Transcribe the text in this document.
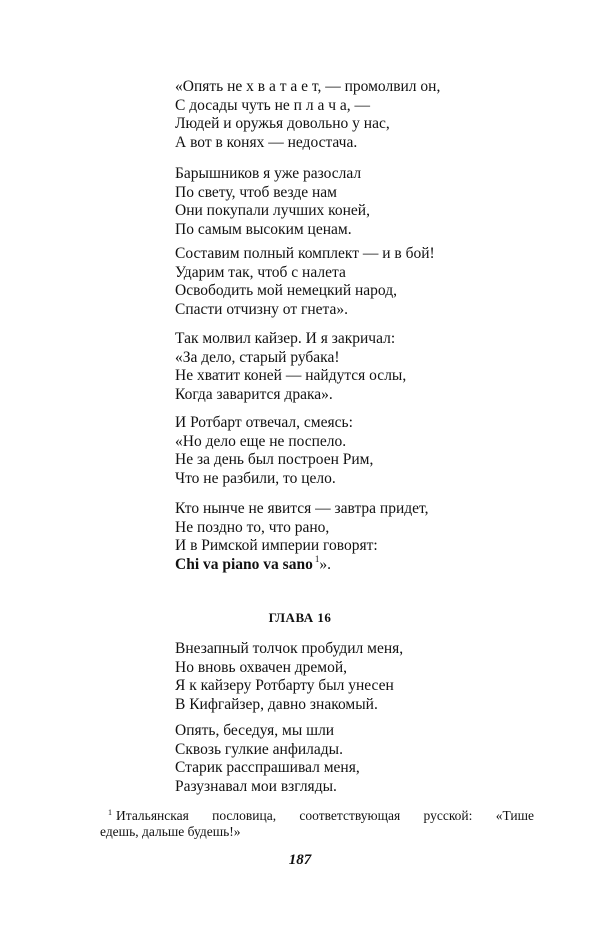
«Опять не х в а т а е т, — промолвил он,
С досады чуть не п л а ч а, —
Людей и оружья довольно у нас,
А вот в конях — недостача.
Барышников я уже разослал
По свету, чтоб везде нам
Они покупали лучших коней,
По самым высоким ценам.
Составим полный комплект — и в бой!
Ударим так, чтоб с налета
Освободить мой немецкий народ,
Спасти отчизну от гнета».
Так молвил кайзер. И я закричал:
«За дело, старый рубака!
Не хватит коней — найдутся ослы,
Когда заварится драка».
И Ротбарт отвечал, смеясь:
«Но дело еще не поспело.
Не за день был построен Рим,
Что не разбили, то цело.
Кто нынче не явится — завтра придет,
Не поздно то, что рано,
И в Римской империи говорят:
Chi va piano va sano $^1$».
ГЛАВА 16
Внезапный толчок пробудил меня,
Но вновь охвачен дремой,
Я к кайзеру Ротбарту был унесен
В Кифгайзер, давно знакомый.
Опять, беседуя, мы шли
Сквозь гулкие анфилады.
Старик расспрашивал меня,
Разузнавал мои взгляды.
$^1$ Итальянская пословица, соответствующая русской: «Тише
едешь, дальше будешь!»
187
